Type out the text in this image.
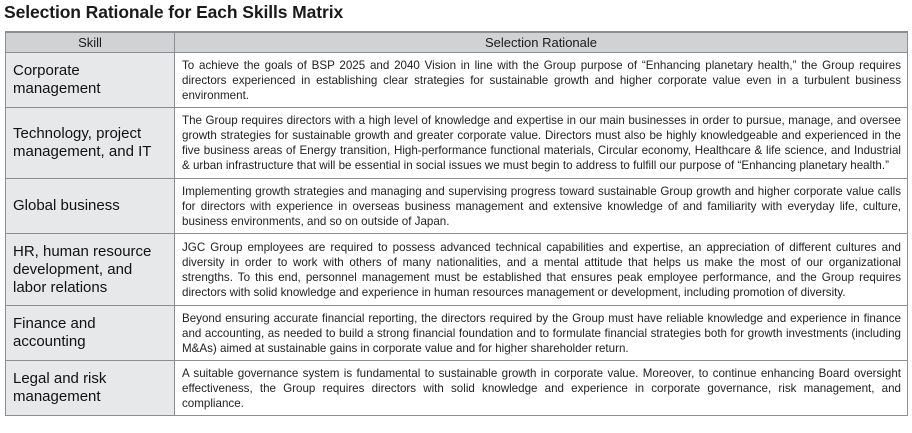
Selection Rationale for Each Skills Matrix
Skill	Selection Rationale
Corporate management	To achieve the goals of BSP 2025 and 2040 Vision in line with the Group purpose of “Enhancing planetary health,” the Group requires directors experienced in establishing clear strategies for sustainable growth and higher corporate value even in a turbulent business environment.
Technology, project management, and IT	The Group requires directors with a high level of knowledge and expertise in our main businesses in order to pursue, manage, and oversee growth strategies for sustainable growth and greater corporate value. Directors must also be highly knowledgeable and experienced in the five business areas of Energy transition, High-performance functional materials, Circular economy, Healthcare & life science, and Industrial & urban infrastructure that will be essential in social issues we must begin to address to fulfill our purpose of “Enhancing planetary health.”
Global business	Implementing growth strategies and managing and supervising progress toward sustainable Group growth and higher corporate value calls for directors with experience in overseas business management and extensive knowledge of and familiarity with everyday life, culture, business environments, and so on outside of Japan.
HR, human resource development, and labor relations	JGC Group employees are required to possess advanced technical capabilities and expertise, an appreciation of different cultures and diversity in order to work with others of many nationalities, and a mental attitude that helps us make the most of our organizational strengths. To this end, personnel management must be established that ensures peak employee performance, and the Group requires directors with solid knowledge and experience in human resources management or development, including promotion of diversity.
Finance and accounting	Beyond ensuring accurate financial reporting, the directors required by the Group must have reliable knowledge and experience in finance and accounting, as needed to build a strong financial foundation and to formulate financial strategies both for growth investments (including M&As) aimed at sustainable gains in corporate value and for higher shareholder return.
Legal and risk management	A suitable governance system is fundamental to sustainable growth in corporate value. Moreover, to continue enhancing Board oversight effectiveness, the Group requires directors with solid knowledge and experience in corporate governance, risk management, and compliance.
